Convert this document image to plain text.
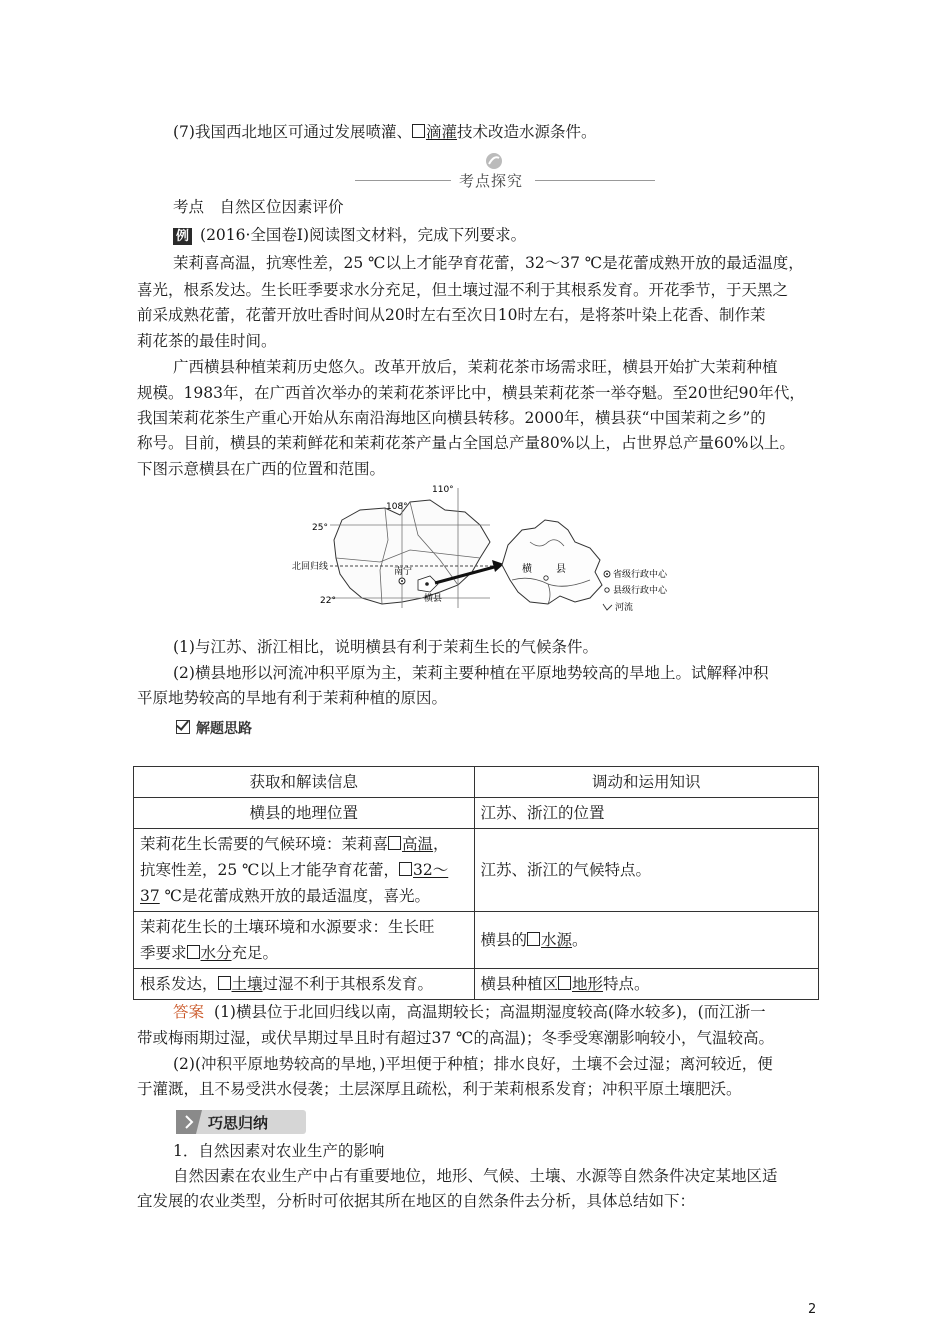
(7)我国西北地区可通过发展喷灌、 滴灌技术改造水源条件。
考点探究
考点　自然区位因素评价
例 (2016·全国卷Ⅰ)阅读图文材料，完成下列要求。
茉莉喜高温，抗寒性差，25 ℃以上才能孕育花蕾，32～37 ℃是花蕾成熟开放的最适温度，
喜光，根系发达。生长旺季要求水分充足，但土壤过湿不利于其根系发育。开花季节，于天黑之
前采成熟花蕾，花蕾开放吐香时间从20时左右至次日10时左右，是将茶叶染上花香、制作茉
莉花茶的最佳时间。
广西横县种植茉莉历史悠久。改革开放后，茉莉花茶市场需求旺，横县开始扩大茉莉种植
规模。1983年，在广西首次举办的茉莉花茶评比中，横县茉莉花茶一举夺魁。至20世纪90年代，
我国茉莉花茶生产重心开始从东南沿海地区向横县转移。2000年，横县获“中国茉莉之乡”的
称号。目前，横县的茉莉鲜花和茉莉花茶产量占全国总产量80%以上，占世界总产量60%以上。
下图示意横县在广西的位置和范围。
25°
22°
108°
110°
北回归线	南宁
横县
横 县	省级行政中心
县级行政中心
河流
(1)与江苏、浙江相比，说明横县有利于茉莉生长的气候条件。
(2)横县地形以河流冲积平原为主，茉莉主要种植在平原地势较高的旱地上。试解释冲积
平原地势较高的旱地有利于茉莉种植的原因。
解题思路
获取和解读信息	调动和运用知识
横县的地理位置	江苏、浙江的位置
茉莉花生长需要的气候环境：茉莉喜 高温，
抗寒性差，25 ℃以上才能孕育花蕾， 32～
37 ℃是花蕾成熟开放的最适温度，喜光。	江苏、浙江的气候特点。
茉莉花生长的土壤环境和水源要求：生长旺
季要求 水分充足。	横县的 水源。
根系发达， 土壤过湿不利于其根系发育。	横县种植区 地形特点。
答案 (1)横县位于北回归线以南，高温期较长；高温期湿度较高(降水较多)，(而江浙一
带或梅雨期过湿，或伏旱期过旱且时有超过37 ℃的高温)；冬季受寒潮影响较小，气温较高。
(2)(冲积平原地势较高的旱地，)平坦便于种植；排水良好，土壤不会过湿；离河较近，便
于灌溉，且不易受洪水侵袭；土层深厚且疏松，利于茉莉根系发育；冲积平原土壤肥沃。
巧思归纳
1．自然因素对农业生产的影响
自然因素在农业生产中占有重要地位，地形、气候、土壤、水源等自然条件决定某地区适
宜发展的农业类型，分析时可依据其所在地区的自然条件去分析，具体总结如下：
2
